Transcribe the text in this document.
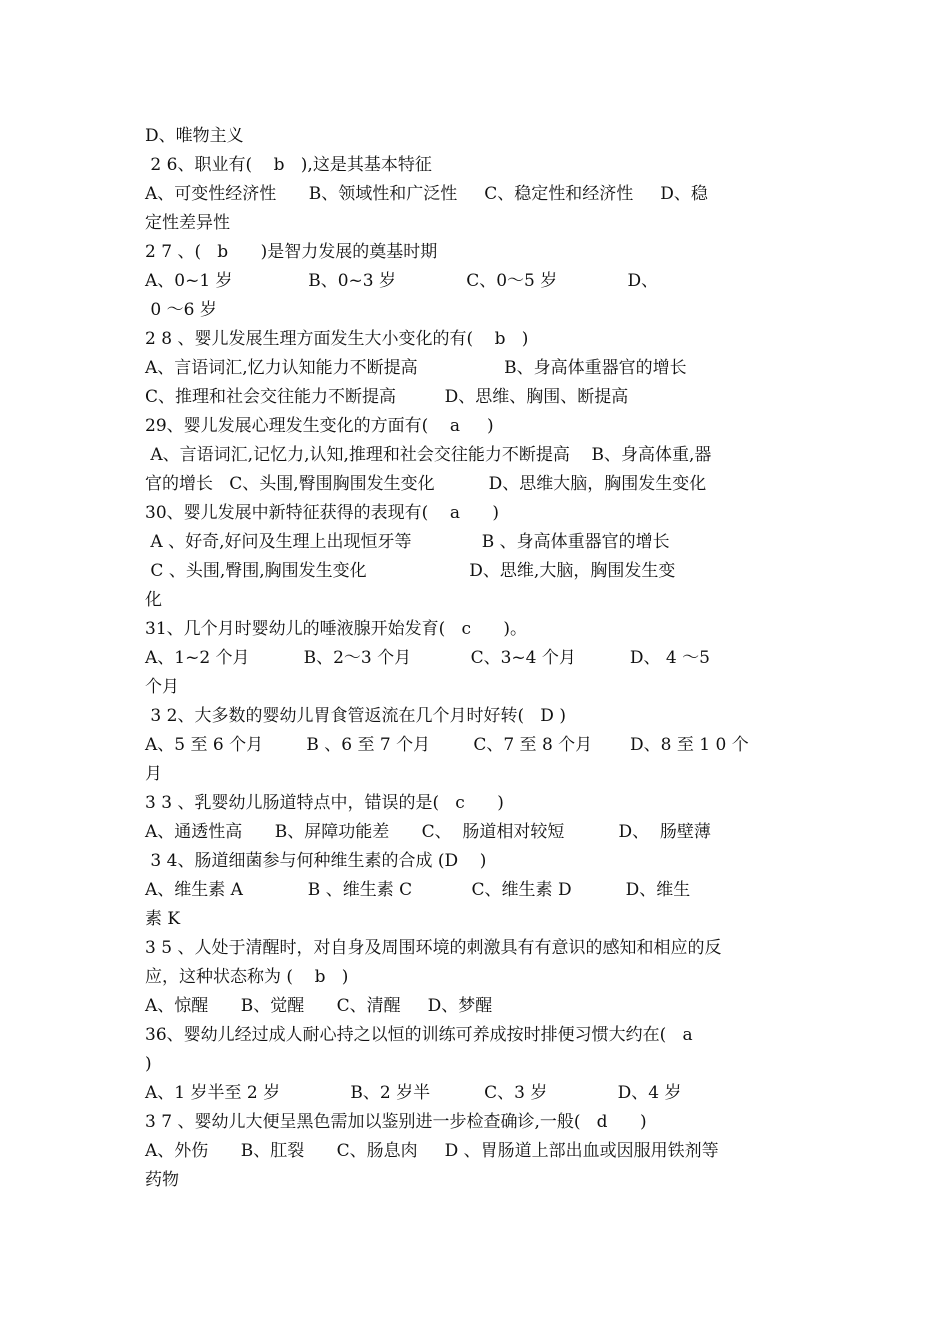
D、唯物主义
2 6、职业有(    b   ),这是其基本特征
A、可变性经济性      B、领域性和广泛性     C、稳定性和经济性     D、稳
定性差异性
2 7 、(   b      )是智力发展的奠基时期
A、0~1 岁              B、0~3 岁             C、0～5 岁             D、
0 ～6 岁
2 8 、婴儿发展生理方面发生大小变化的有(    b   )
A、言语词汇,忆力认知能力不断提高                B、身高体重器官的增长
C、推理和社会交往能力不断提高         D、思维、胸围、断提高
29、婴儿发展心理发生变化的方面有(    a     )
A、言语词汇,记忆力,认知,推理和社会交往能力不断提高    B、身高体重,器
官的增长   C、头围,臀围胸围发生变化          D、思维大脑，胸围发生变化
30、婴儿发展中新特征获得的表现有(    a      )
A 、好奇,好问及生理上出现恒牙等             B 、身高体重器官的增长
C 、头围,臀围,胸围发生变化                   D、思维,大脑，胸围发生变
化
31、几个月时婴幼儿的唾液腺开始发育(   c      )。
A、1~2 个月          B、2～3 个月           C、3~4 个月          D、 4 ～5
个月
3 2、大多数的婴幼儿胃食管返流在几个月时好转(   D )
A、5 至 6 个月        B 、6 至 7 个月        C、7 至 8 个月       D、8 至 1 0 个
月
3 3 、乳婴幼儿肠道特点中，错误的是(   c      )
A、通透性高      B、屏障功能差      C、  肠道相对较短          D、  肠壁薄
3 4、肠道细菌参与何种维生素的合成 (D    )
A、维生素 A            B 、维生素 C           C、维生素 D          D、维生
素 K
3 5 、人处于清醒时，对自身及周围环境的刺激具有有意识的感知和相应的反
应，这种状态称为 (    b   )
A、惊醒      B、觉醒      C、清醒     D、梦醒
36、婴幼儿经过成人耐心持之以恒的训练可养成按时排便习惯大约在(   a
)
A、1 岁半至 2 岁             B、2 岁半          C、3 岁             D、4 岁
3 7 、婴幼儿大便呈黑色需加以鉴别进一步检查确诊,一般(   d      )
A、外伤      B、肛裂      C、肠息肉     D 、胃肠道上部出血或因服用铁剂等
药物
